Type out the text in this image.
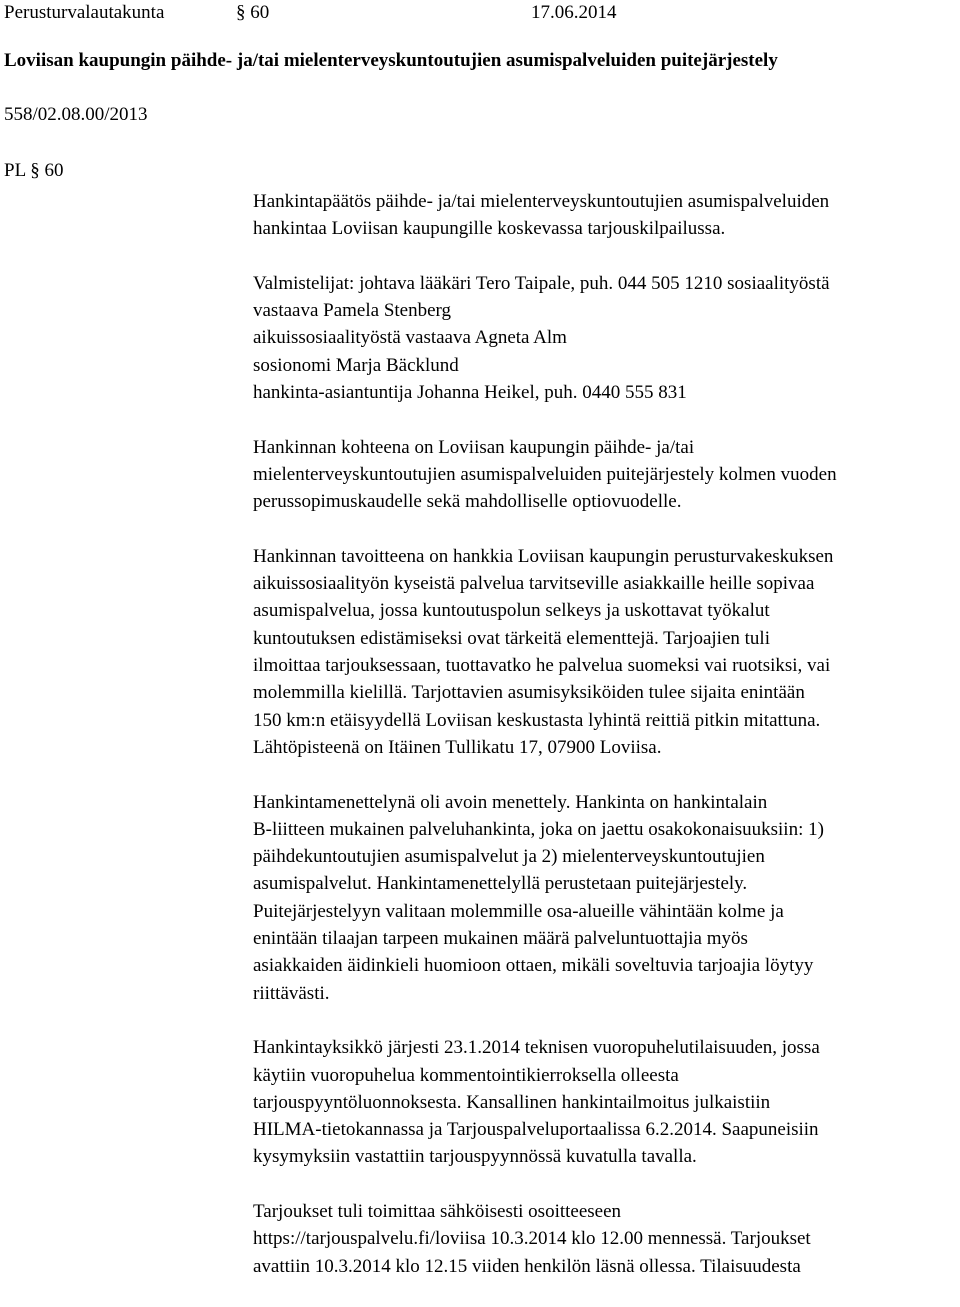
Perusturvalautakunta	§ 60	17.06.2014
Loviisan kaupungin päihde- ja/tai mielenterveyskuntoutujien asumispalveluiden puitejärjestely
558/02.08.00/2013
PL § 60

Hankintapäätös päihde- ja/tai mielenterveyskuntoutujien asumispalveluiden
hankintaa Loviisan kaupungille koskevassa tarjouskilpailussa.

Valmistelijat: johtava lääkäri Tero Taipale, puh. 044 505 1210 sosiaalityöstä
vastaava Pamela Stenberg
aikuissosiaalityöstä vastaava Agneta Alm
sosionomi Marja Bäcklund
hankinta-asiantuntija Johanna Heikel, puh. 0440 555 831

Hankinnan kohteena on Loviisan kaupungin päihde- ja/tai
mielenterveyskuntoutujien asumispalveluiden puitejärjestely kolmen vuoden
perussopimuskaudelle sekä mahdolliselle optiovuodelle.

Hankinnan tavoitteena on hankkia Loviisan kaupungin perusturvakeskuksen
aikuissosiaalityön kyseistä palvelua tarvitseville asiakkaille heille sopivaa
asumispalvelua, jossa kuntoutuspolun selkeys ja uskottavat työkalut
kuntoutuksen edistämiseksi ovat tärkeitä elementtejä. Tarjoajien tuli
ilmoittaa tarjouksessaan, tuottavatko he palvelua suomeksi vai ruotsiksi, vai
molemmilla kielillä. Tarjottavien asumisyksiköiden tulee sijaita enintään
150 km:n etäisyydellä Loviisan keskustasta lyhintä reittiä pitkin mitattuna.
Lähtöpisteenä on Itäinen Tullikatu 17, 07900 Loviisa.

Hankintamenettelynä oli avoin menettely. Hankinta on hankintalain
B-liitteen mukainen palveluhankinta, joka on jaettu osakokonaisuuksiin: 1)
päihdekuntoutujien asumispalvelut ja 2) mielenterveyskuntoutujien
asumispalvelut. Hankintamenettelyllä perustetaan puitejärjestely.
Puitejärjestelyyn valitaan molemmille osa-alueille vähintään kolme ja
enintään tilaajan tarpeen mukainen määrä palveluntuottajia myös
asiakkaiden äidinkieli huomioon ottaen, mikäli soveltuvia tarjoajia löytyy
riittävästi.

Hankintayksikkö järjesti 23.1.2014 teknisen vuoropuhelutilaisuuden, jossa
käytiin vuoropuhelua kommentointikierroksella olleesta
tarjouspyyntöluonnoksesta. Kansallinen hankintailmoitus julkaistiin
HILMA-tietokannassa ja Tarjouspalveluportaalissa 6.2.2014. Saapuneisiin
kysymyksiin vastattiin tarjouspyynnössä kuvatulla tavalla.

Tarjoukset tuli toimittaa sähköisesti osoitteeseen
https://tarjouspalvelu.fi/loviisa 10.3.2014 klo 12.00 mennessä. Tarjoukset
avattiin 10.3.2014 klo 12.15 viiden henkilön läsnä ollessa. Tilaisuudesta
